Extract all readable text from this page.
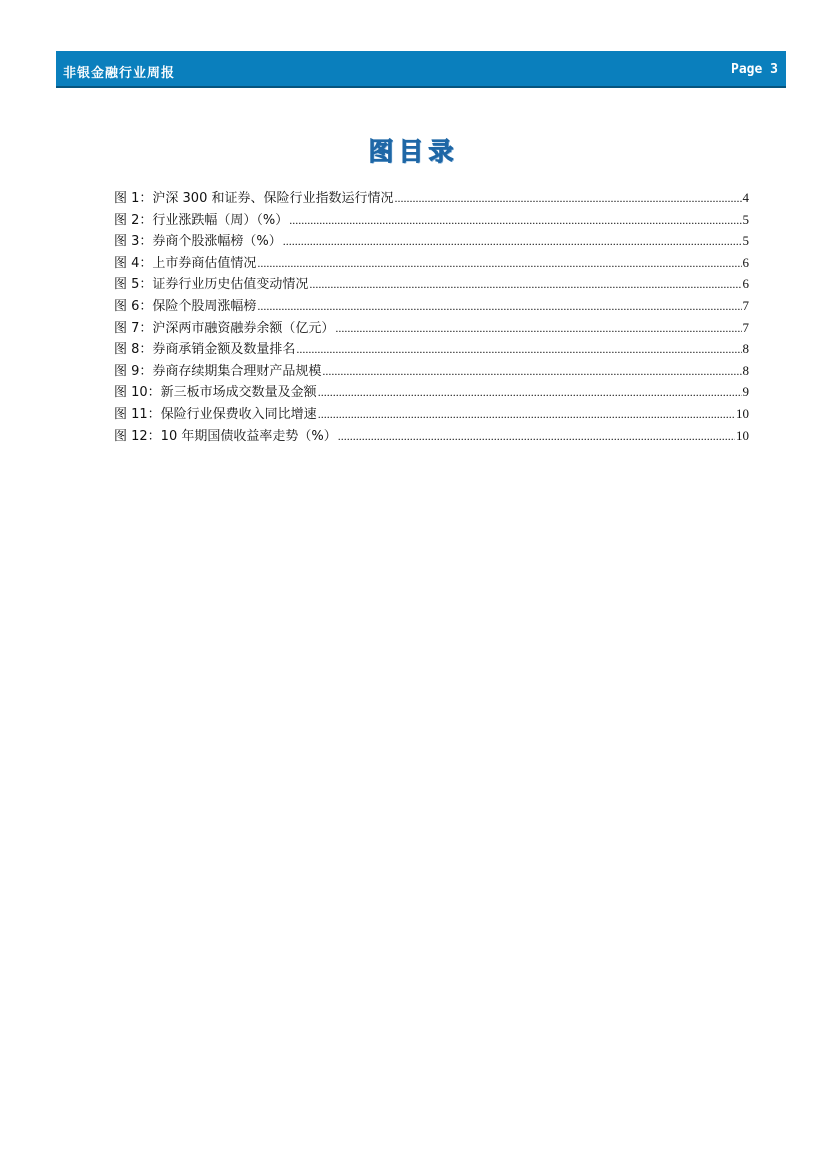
非银金融行业周报	Page 3
图目录
图 1：沪深 300 和证券、保险行业指数运行情况 .....	4
图 2：行业涨跌幅（周）（%） .....	5
图 3：券商个股涨幅榜（%） .....	5
图 4：上市券商估值情况 .....	6
图 5：证券行业历史估值变动情况 .....	6
图 6：保险个股周涨幅榜 .....	7
图 7：沪深两市融资融券余额（亿元） .....	7
图 8：券商承销金额及数量排名 .....	8
图 9：券商存续期集合理财产品规模 .....	8
图 10：新三板市场成交数量及金额 .....	9
图 11：保险行业保费收入同比增速 .....	10
图 12：10 年期国债收益率走势（%） .....	10
